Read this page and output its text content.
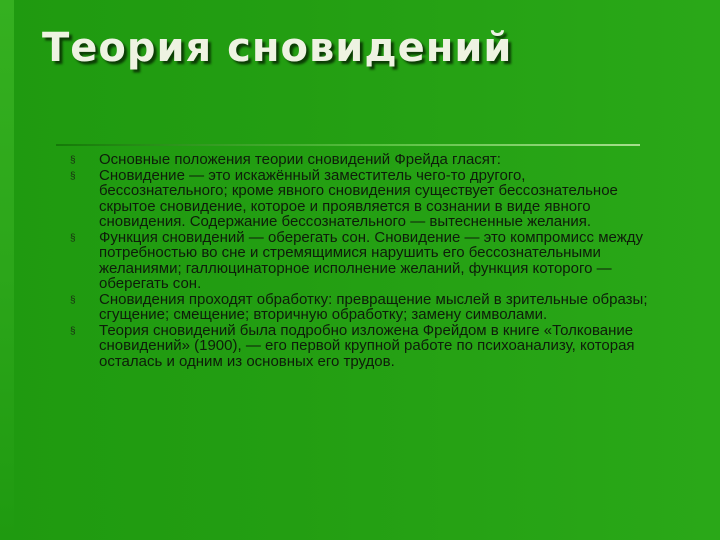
Теория сновидений
§ Основные положения теории сновидений Фрейда гласят:
§ Сновидение — это искажённый заместитель чего-то другого, бессознательного; кроме явного сновидения существует бессознательное скрытое сновидение, которое и проявляется в сознании в виде явного сновидения. Содержание бессознательного — вытесненные желания.
§ Функция сновидений — оберегать сон. Сновидение — это компромисс между потребностью во сне и стремящимися нарушить его бессознательными желаниями; галлюцинаторное исполнение желаний, функция которого — оберегать сон.
§ Сновидения проходят обработку: превращение мыслей в зрительные образы; сгущение; смещение; вторичную обработку; замену символами.
§ Теория сновидений была подробно изложена Фрейдом в книге «Толкование сновидений» (1900), — его первой крупной работе по психоанализу, которая осталась и одним из основных его трудов.
